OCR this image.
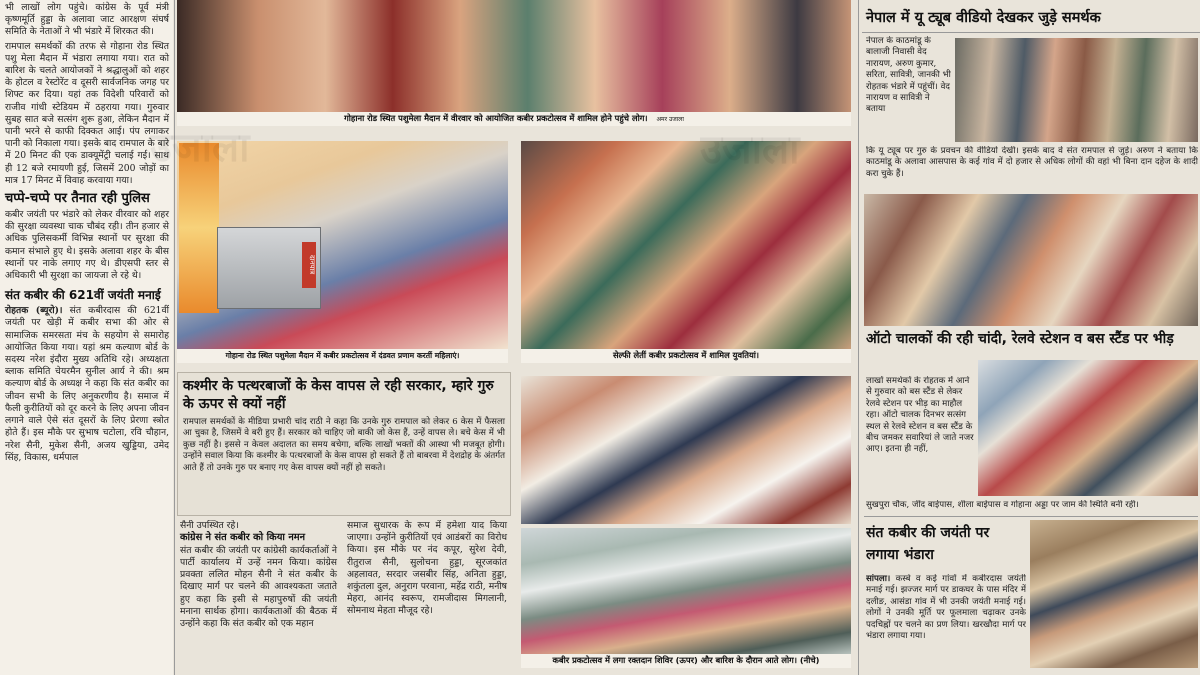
भी लाखों लोग पहुंचे। कांग्रेस के पूर्व मंत्री कृष्णमूर्ति हुड्डा के अलावा जाट आरक्षण संघर्ष समिति के नेताओं ने भी भंडारे में शिरकत की।

रामपाल समर्थकों की तरफ से गोहाना रोड स्थित पशु मेला मैदान में भंडारा लगाया गया। रात को बारिश के चलते आयोजकों ने श्रद्धालुओं को शहर के होटल व रेस्टोरेंट व दूसरी सार्वजनिक जगह पर शिफ्ट कर दिया। यहां तक विदेशी परिवारों को राजीव गांधी स्टेडियम में ठहराया गया। गुरुवार सुबह सात बजे सत्संग शुरू हुआ, लेकिन मैदान में पानी भरने से काफी दिक्कत आई। पंप लगाकर पानी को निकाला गया। इसके बाद रामपाल के बारे में 20 मिनट की एक डाक्यूमेंट्री चलाई गई। साथ ही 12 बजे रमायणी हुई, जिसमें 200 जोड़ों का मात्र 17 मिनट में विवाह करवाया गया।

चप्पे-चप्पे पर तैनात रही पुलिस
कबीर जयंती पर भंडारे को लेकर वीरवार को शहर की सुरक्षा व्यवस्था चाक चौबंद रही। तीन हजार से अधिक पुलिसकर्मी विभिन्न स्थानों पर सुरक्षा की कमान संभाले हुए थे। इसके अलावा शहर के बीस स्थानों पर नाके लगाए गए थे। डीएसपी स्तर से अधिकारी भी सुरक्षा का जायजा ले रहे थे।
संत कबीर की 621वीं जयंती मनाई
रोहतक (ब्यूरो)। संत कबीरदास की 621वीं जयंती पर खेड़ी में कबीर सभा की ओर से सामाजिक समरसता मंच के सहयोग से समारोह आयोजित किया गया। यहां श्रम कल्याण बोर्ड के सदस्य नरेश इंदौरा मुख्य अतिथि रहे। अध्यक्षता ब्लाक समिति चेयरमैन सुनील आर्य ने की। श्रम कल्याण बोर्ड के अध्यक्ष ने कहा कि संत कबीर का जीवन सभी के लिए अनुकरणीय है। समाज में फैली कुरीतियों को दूर करने के लिए अपना जीवन लगाने वाले ऐसे संत दूसरों के लिए प्रेरणा स्त्रोत होते हैं। इस मौके पर सुभाष चटोला, रवि चौहान, नरेश सैनी, मुकेश सैनी, अजय खुड्डिया, उमेद सिंह, विकास, धर्मपाल
गोहाना रोड स्थित पशुमेला मैदान में वीरवार को आयोजित कबीर प्रकटोत्सव में शामिल होने पहुंचे लोग। अमर उजाला
दानपात्र
गोहाना रोड स्थित पशुमेला मैदान में कबीर प्रकटोत्सव में दंडवत प्रणाम करतीं महिलाएं।	सेल्फी लेतीं कबीर प्रकटोत्सव में शामिल युवतियां।
कश्मीर के पत्थरबाजों के केस वापस ले रही सरकार, म्हारे गुरु के ऊपर से क्यों नहीं
रामपाल समर्थकों के मीडिया प्रभारी चांद राठी ने कहा कि उनके गुरु रामपाल को लेकर 6 केस में फैसला आ चुका है, जिसमें वे बरी हुए हैं। सरकार को चाहिए जो बाकी जो केस हैं, उन्हें वापस ले। बचे केस में भी कुछ नहीं है। इससे न केवल अदालत का समय बचेगा, बल्कि लाखों भक्तों की आस्था भी मजबूत होगी। उन्होंने सवाल किया कि कश्मीर के पत्थरबाजों के केस वापस हो सकते हैं तो बाबरवा में देशद्रोह के अंतर्गत आते हैं तो उनके गुरु पर बनाए गए केस वापस क्यों नहीं हो सकते।
सैनी उपस्थित रहे।
कांग्रेस ने संत कबीर को किया नमन
संत कबीर की जयंती पर कांग्रेसी कार्यकर्ताओं ने पार्टी कार्यालय में उन्हें नमन किया। कांग्रेस प्रवक्ता ललित मोहन सैनी ने संत कबीर के दिखाए मार्ग पर चलने की आवश्यकता जताते हुए कहा कि इसी से महापुरुषों की जयंती मनाना सार्थक होगा। कार्यकताओं की बैठक में उन्होंने कहा कि संत कबीर को एक महान
समाज सुधारक के रूप में हमेशा याद किया जाएगा। उन्होंने कुरीतियों एवं आडंबरों का विरोध किया। इस मौके पर नंद कपूर, सुरेश देवी, रीतुराज सैनी, सुलोचना हुड्डा, सूरजकांत अहलावत, सरदार जसबीर सिंह, अनिता हुड्डा, शकुंतला दुल, अनुराग परवाना, महेंद्र राठी, मनीष मेहरा, आनंद स्वरूप, रामजीदास मिगलानी, सोमनाथ मेहता मौजूद रहे।
कबीर प्रकटोत्सव में लगा रक्तदान शिविर (ऊपर) और बारिश के दौरान आते लोग। (नीचे)
नेपाल में यू ट्यूब वीडियो देखकर जुड़े समर्थक
नेपाल के काठमांडू के बालाजी निवासी वेद नारायण, अरुण कुमार, सरिता, सावित्री, जानकी भी रोहतक भंडारे में पहुंचीं। वेद नारायण व सावित्री ने बताया
कि यू ट्यूब पर गुरु के प्रवचन की वीडियो देखी। इसके बाद वे संत रामपाल से जुड़े। अरुण ने बताया कि काठमांडू के अलावा आसपास के कई गांव में दो हजार से अधिक लोगों की वहां भी बिना दान दहेज के शादी करा चुके हैं।
ऑटो चालकों की रही चांदी, रेलवे स्टेशन व बस स्टैंड पर भीड़
लाखों समर्थकों के रोहतक में आने से गुरुवार को बस स्टैंड से लेकर रेलवे स्टेशन पर भीड़ का माहौल रहा। ऑटो चालक दिनभर सत्संग स्थल से रेलवे स्टेशन व बस स्टैंड के बीच जमकर सवारियां ले जाते नजर आए। इतना ही नहीं,
सुखपुरा चौक, जींद बाईपास, शीला बाईपास व गोहाना अड्डा पर जाम की स्थिति बनी रही।
संत कबीर की जयंती पर लगाया भंडारा
सांपला। कस्बे व कई गांवों में कबीरदास जयंती मनाई गई। झज्जर मार्ग पर डाकघर के पास मंदिर में दलीङ, आसंडा गांव में भी उनकी जयंती मनाई गई। लोगों ने उनकी मूर्ति पर फूलमाला चढ़ाकर उनके पदचिह्नों पर चलने का प्रण लिया। खरखौदा मार्ग पर भंडारा लगाया गया।
उजाला	उजाला
